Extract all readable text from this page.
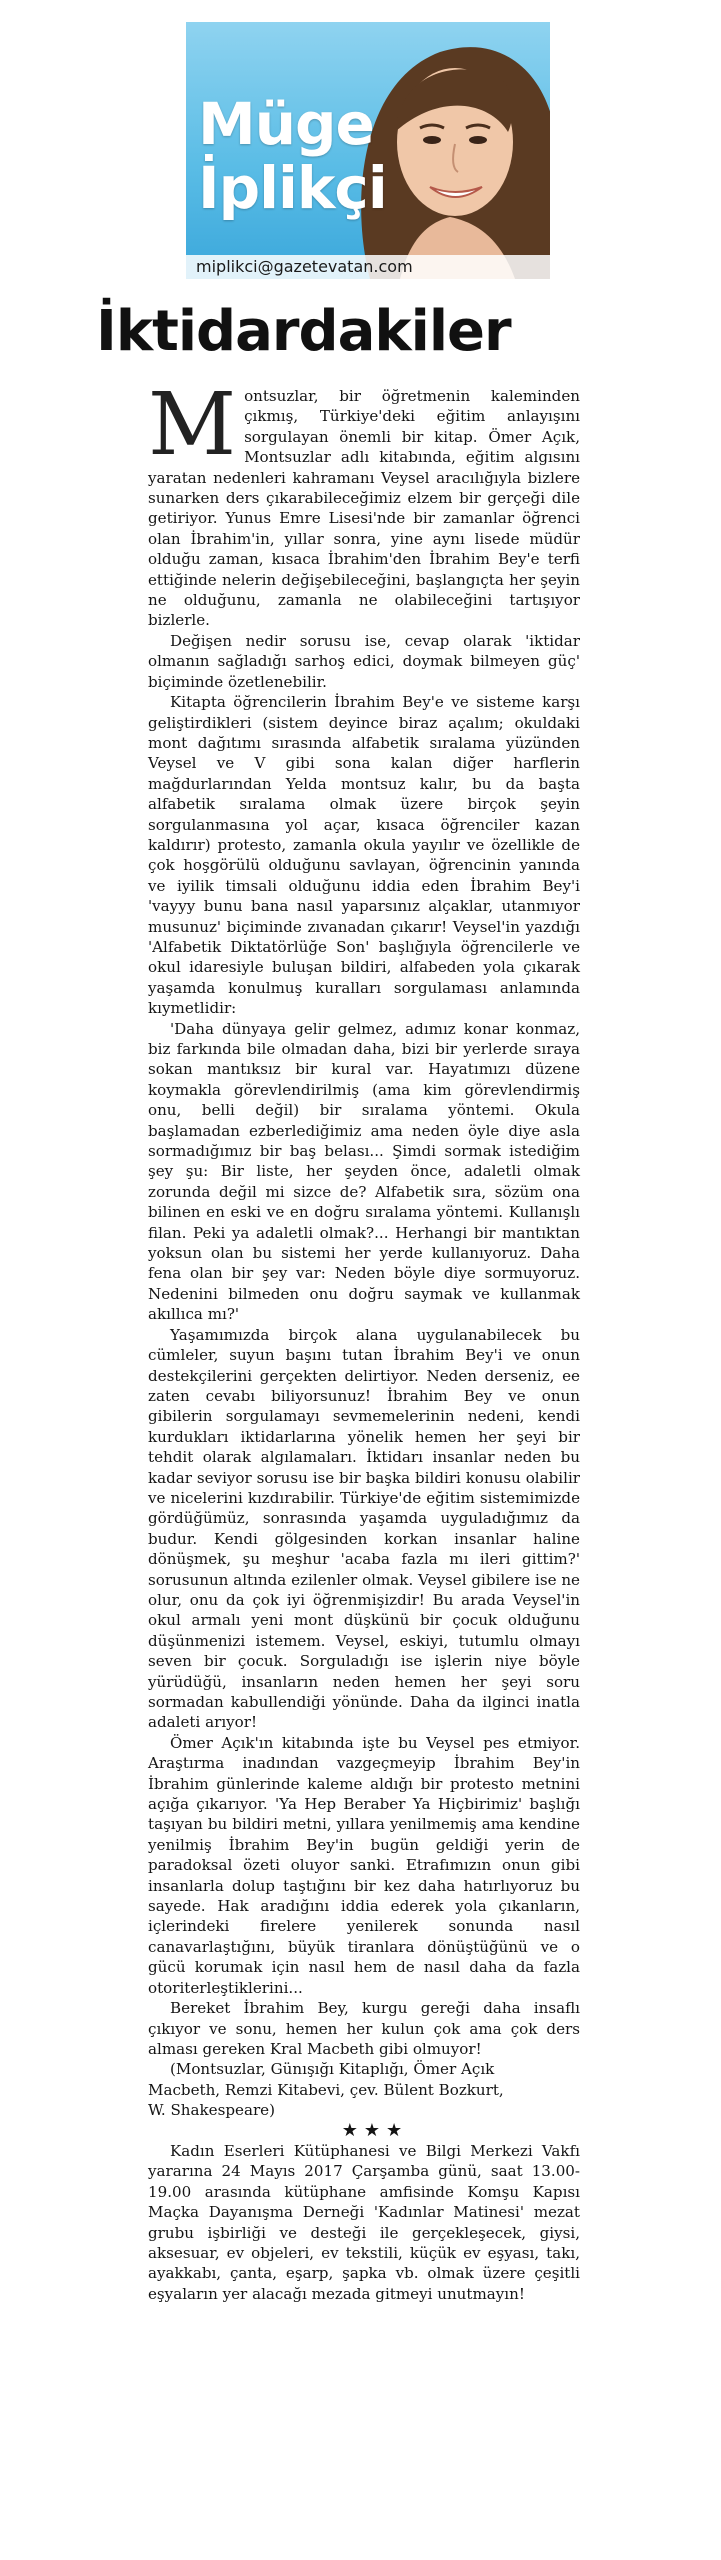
Müge
İplikçi
miplikci@gazetevatan.com
İktidardakiler

Montsuzlar, bir öğretmenin kaleminden çıkmış, Türkiye'deki eğitim anlayışını sorgulayan önemli bir kitap. Ömer Açık, Montsuzlar adlı kitabında, eğitim algısını yaratan nedenleri kahramanı Veysel aracılığıyla bizlere sunarken ders çıkarabileceğimiz elzem bir gerçeği dile getiriyor. Yunus Emre Lisesi'nde bir zamanlar öğrenci olan İbrahim'in, yıllar sonra, yine aynı lisede müdür olduğu zaman, kısaca İbrahim'den İbrahim Bey'e terfi ettiğinde nelerin değişebileceğini, başlangıçta her şeyin ne olduğunu, zamanla ne olabileceğini tartışıyor bizlerle.

Değişen nedir sorusu ise, cevap olarak 'iktidar olmanın sağladığı sarhoş edici, doymak bilmeyen güç' biçiminde özetlenebilir.

Kitapta öğrencilerin İbrahim Bey'e ve sisteme karşı geliştirdikleri (sistem deyince biraz açalım; okuldaki mont dağıtımı sırasında alfabetik sıralama yüzünden Veysel ve V gibi sona kalan diğer harflerin mağdurlarından Yelda montsuz kalır, bu da başta alfabetik sıralama olmak üzere birçok şeyin sorgulanmasına yol açar, kısaca öğrenciler kazan kaldırır) protesto, zamanla okula yayılır ve özellikle de çok hoşgörülü olduğunu savlayan, öğrencinin yanında ve iyilik timsali olduğunu iddia eden İbrahim Bey'i 'vayyy bunu bana nasıl yaparsınız alçaklar, utanmıyor musunuz' biçiminde zıvanadan çıkarır! Veysel'in yazdığı 'Alfabetik Diktatörlüğe Son' başlığıyla öğrencilerle ve okul idaresiyle buluşan bildiri, alfabeden yola çıkarak yaşamda konulmuş kuralları sorgulaması anlamında kıymetlidir:

'Daha dünyaya gelir gelmez, adımız konar konmaz, biz farkında bile olmadan daha, bizi bir yerlerde sıraya sokan mantıksız bir kural var. Hayatımızı düzene koymakla görevlendirilmiş (ama kim görevlendirmiş onu, belli değil) bir sıralama yöntemi. Okula başlamadan ezberlediğimiz ama neden öyle diye asla sormadığımız bir baş belası... Şimdi sormak istediğim şey şu: Bir liste, her şeyden önce, adaletli olmak zorunda değil mi sizce de? Alfabetik sıra, sözüm ona bilinen en eski ve en doğru sıralama yöntemi. Kullanışlı filan. Peki ya adaletli olmak?... Herhangi bir mantıktan yoksun olan bu sistemi her yerde kullanıyoruz. Daha fena olan bir şey var: Neden böyle diye sormuyoruz. Nedenini bilmeden onu doğru saymak ve kullanmak akıllıca mı?'

Yaşamımızda birçok alana uygulanabilecek bu cümleler, suyun başını tutan İbrahim Bey'i ve onun destekçilerini gerçekten delirtiyor. Neden derseniz, ee zaten cevabı biliyorsunuz! İbrahim Bey ve onun gibilerin sorgulamayı sevmemelerinin nedeni, kendi kurdukları iktidarlarına yönelik hemen her şeyi bir tehdit olarak algılamaları. İktidarı insanlar neden bu kadar seviyor sorusu ise bir başka bildiri konusu olabilir ve nicelerini kızdırabilir. Türkiye'de eğitim sistemimizde gördüğümüz, sonrasında yaşamda uyguladığımız da budur. Kendi gölgesinden korkan insanlar haline dönüşmek, şu meşhur 'acaba fazla mı ileri gittim?' sorusunun altında ezilenler olmak. Veysel gibilere ise ne olur, onu da çok iyi öğrenmişizdir! Bu arada Veysel'in okul armalı yeni mont düşkünü bir çocuk olduğunu düşünmenizi istemem. Veysel, eskiyi, tutumlu olmayı seven bir çocuk. Sorguladığı ise işlerin niye böyle yürüdüğü, insanların neden hemen her şeyi soru sormadan kabullendiği yönünde. Daha da ilginci inatla adaleti arıyor!

Ömer Açık'ın kitabında işte bu Veysel pes etmiyor. Araştırma inadından vazgeçmeyip İbrahim Bey'in İbrahim günlerinde kaleme aldığı bir protesto metnini açığa çıkarıyor. 'Ya Hep Beraber Ya Hiçbirimiz' başlığı taşıyan bu bildiri metni, yıllara yenilmemiş ama kendine yenilmiş İbrahim Bey'in bugün geldiği yerin de paradoksal özeti oluyor sanki. Etrafımızın onun gibi insanlarla dolup taştığını bir kez daha hatırlıyoruz bu sayede. Hak aradığını iddia ederek yola çıkanların, içlerindeki firelere yenilerek sonunda nasıl canavarlaştığını, büyük tiranlara dönüştüğünü ve o gücü korumak için nasıl hem de nasıl daha da fazla otoriterleştiklerini...

Bereket İbrahim Bey, kurgu gereği daha insaflı çıkıyor ve sonu, hemen her kulun çok ama çok ders alması gereken Kral Macbeth gibi olmuyor!

(Montsuzlar, Günışığı Kitaplığı, Ömer Açık
Macbeth, Remzi Kitabevi, çev. Bülent Bozkurt,
W. Shakespeare)

★★★

Kadın Eserleri Kütüphanesi ve Bilgi Merkezi Vakfı yararına 24 Mayıs 2017 Çarşamba günü, saat 13.00-19.00 arasında kütüphane amfisinde Komşu Kapısı Maçka Dayanışma Derneği 'Kadınlar Matinesi' mezat grubu işbirliği ve desteği ile gerçekleşecek, giysi, aksesuar, ev objeleri, ev tekstili, küçük ev eşyası, takı, ayakkabı, çanta, eşarp, şapka vb. olmak üzere çeşitli eşyaların yer alacağı mezada gitmeyi unutmayın!
